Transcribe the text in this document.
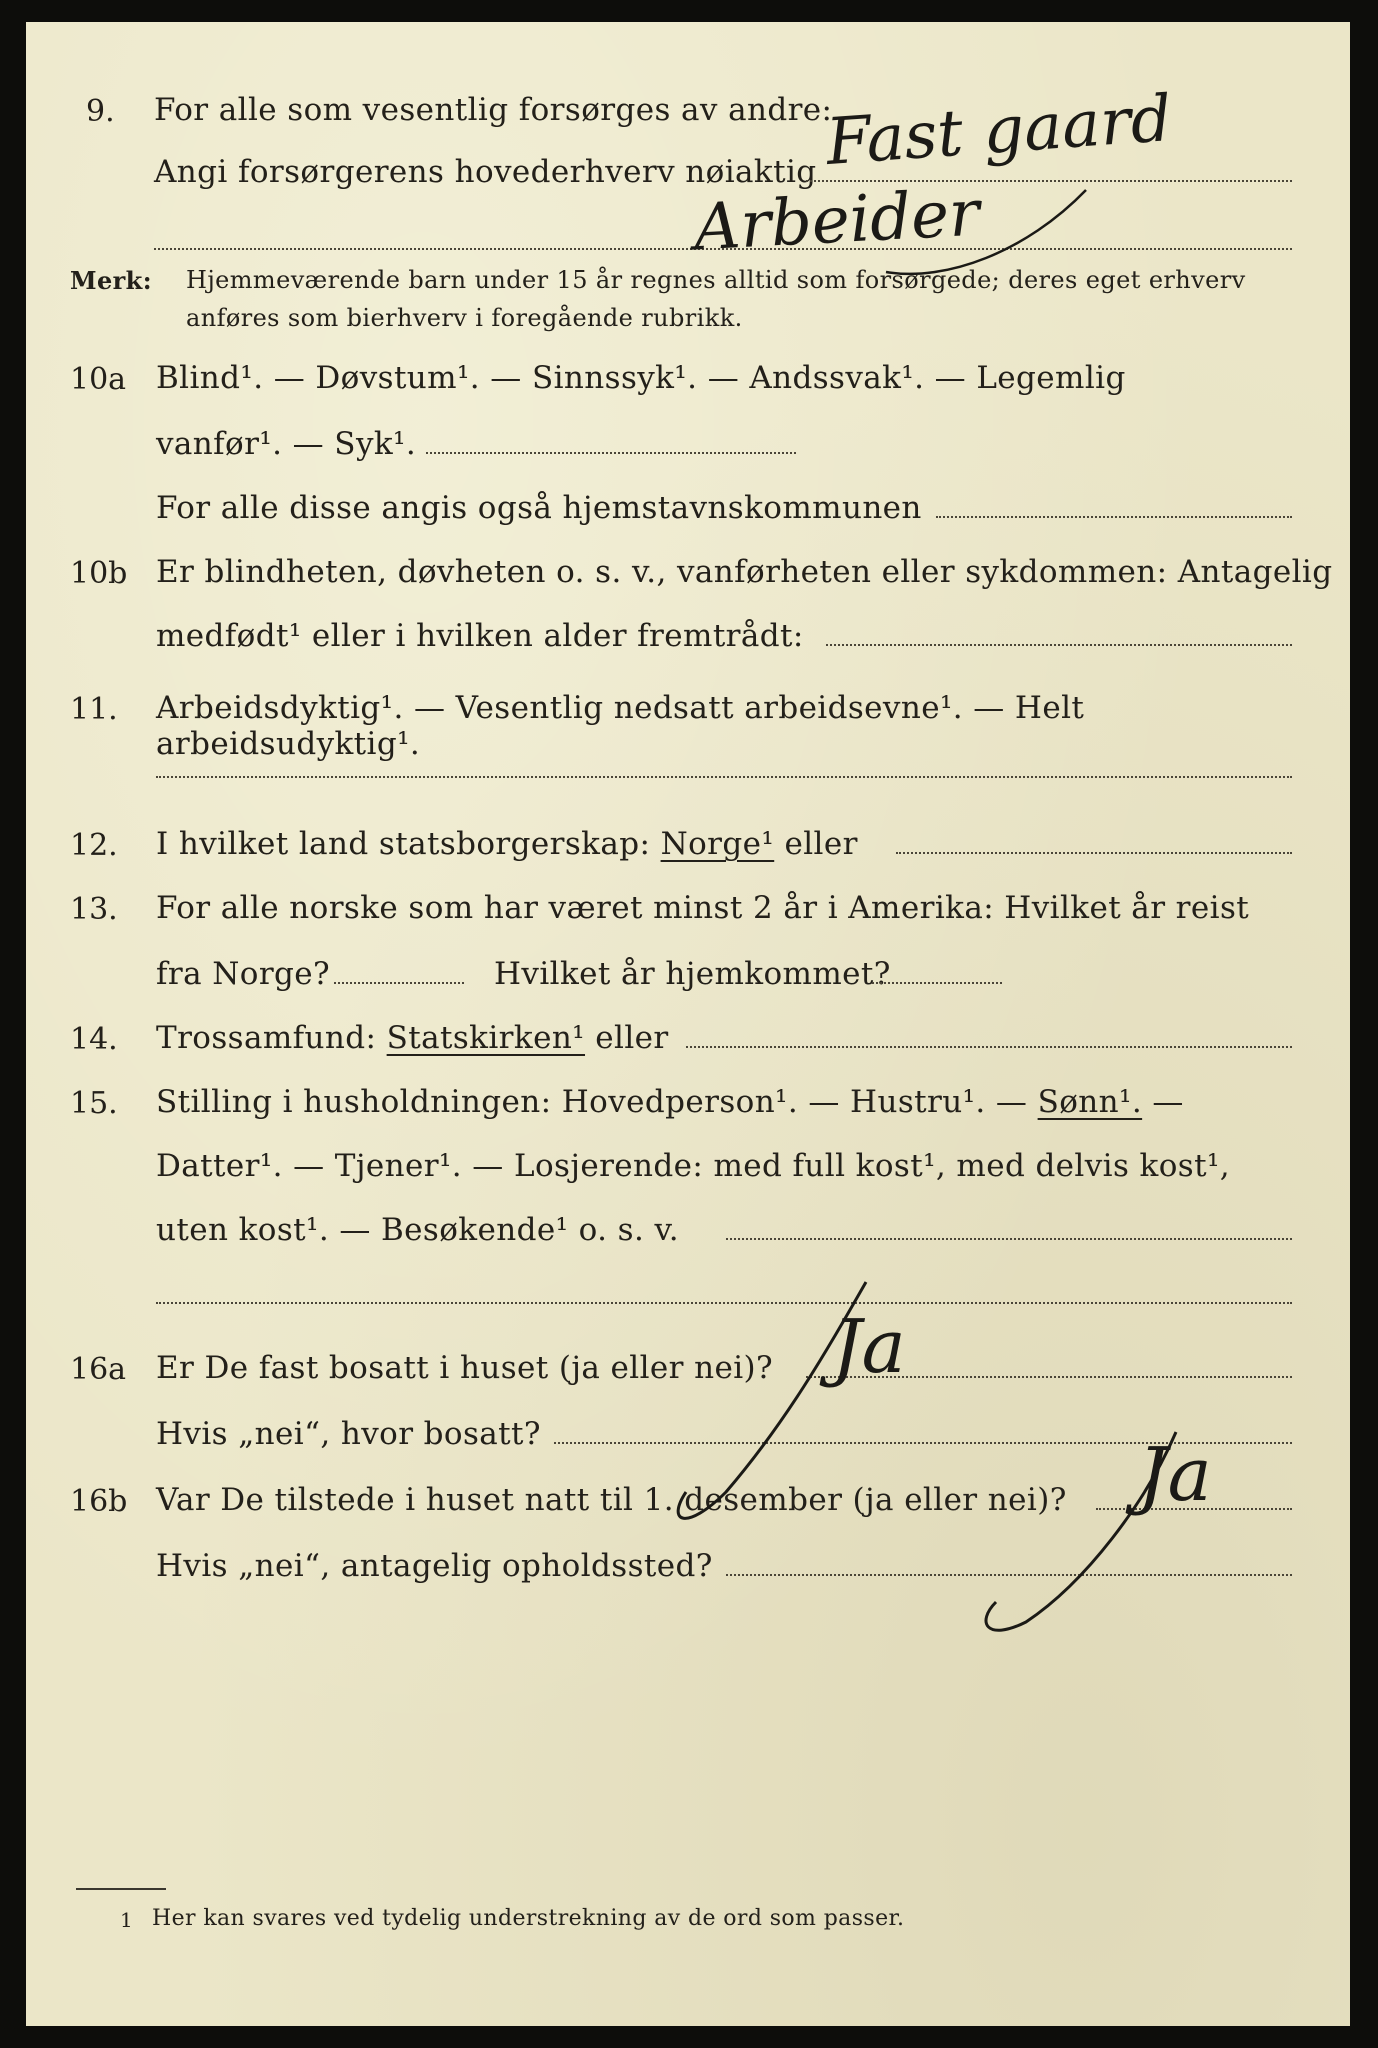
9. For alle som vesentlig forsørges av andre:
Angi forsørgerens hovederhverv nøiaktig Fast gaard
Arbeider
Merk: Hjemmeværende barn under 15 år regnes alltid som forsørgede; deres eget erhverv
anføres som bierhverv i foregående rubrikk.
10a Blind¹. — Døvstum¹. — Sinnssyk¹. — Andssvak¹. — Legemlig
vanfør¹. — Syk¹.
For alle disse angis også hjemstavnskommunen
10b Er blindheten, døvheten o. s. v., vanførheten eller sykdommen: Antagelig
medfødt¹ eller i hvilken alder fremtrådt:
11. Arbeidsdyktig¹. — Vesentlig nedsatt arbeidsevne¹. — Helt arbeidsudyktig¹.
12. I hvilket land statsborgerskap: Norge¹ eller
13. For alle norske som har været minst 2 år i Amerika: Hvilket år reist
fra Norge?	Hvilket år hjemkommet?
14. Trossamfund: Statskirken¹ eller
15. Stilling i husholdningen: Hovedperson¹. — Hustru¹. — Sønn¹. —
Datter¹. — Tjener¹. — Losjerende: med full kost¹, med delvis kost¹,
uten kost¹. — Besøkende¹ o. s. v.
16a Er De fast bosatt i huset (ja eller nei)?
Hvis „nei“, hvor bosatt?
Ja
16b Var De tilstede i huset natt til 1. desember (ja eller nei)?
Hvis „nei“, antagelig opholdssted?
Ja
1 Her kan svares ved tydelig understrekning av de ord som passer.
